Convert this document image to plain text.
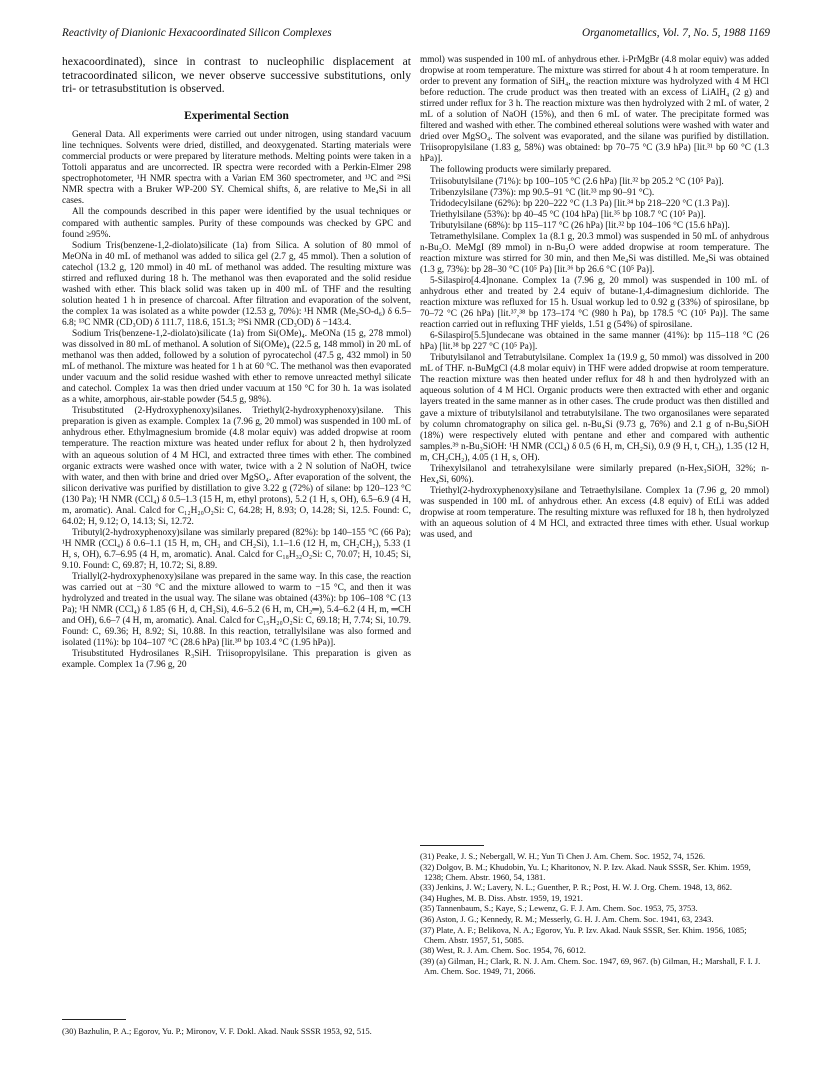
Reactivity of Dianionic Hexacoordinated Silicon Complexes	Organometallics, Vol. 7, No. 5, 1988 1169

hexacoordinated), since in contrast to nucleophilic displacement at tetracoordinated silicon, we never observe successive substitutions, only tri- or tetrasubstitution is observed.

Experimental Section

General Data. All experiments were carried out under nitrogen, using standard vacuum line techniques. Solvents were dried, distilled, and deoxygenated. Starting materials were commercial products or were prepared by literature methods. Melting points were taken in a Tottoli apparatus and are uncorrected. IR spectra were recorded with a Perkin-Elmer 298 spectrophotometer, ¹H NMR spectra with a Varian EM 360 spectrometer, and ¹³C and ²⁹Si NMR spectra with a Bruker WP-200 SY. Chemical shifts, δ, are relative to Me₄Si in all cases.

All the compounds described in this paper were identified by the usual techniques or compared with authentic samples. Purity of these compounds was checked by GPC and found ≥95%.

Sodium Tris(benzene-1,2-diolato)silicate (1a) from Silica. A solution of 80 mmol of MeONa in 40 mL of methanol was added to silica gel (2.7 g, 45 mmol). Then a solution of catechol (13.2 g, 120 mmol) in 40 mL of methanol was added. The resulting mixture was stirred and refluxed during 18 h. The methanol was then evaporated and the solid residue washed with ether. This black solid was taken up in 400 mL of THF and the resulting solution heated 1 h in presence of charcoal. After filtration and evaporation of the solvent, the complex 1a was isolated as a white powder (12.53 g, 70%): ¹H NMR (Me₂SO-d₆) δ 6.5–6.8; ¹³C NMR (CD₃OD) δ 111.7, 118.6, 151.3; ²⁹Si NMR (CD₃OD) δ −143.4.

Sodium Tris(benzene-1,2-diolato)silicate (1a) from Si(OMe)₄. MeONa (15 g, 278 mmol) was dissolved in 80 mL of methanol. A solution of Si(OMe)₄ (22.5 g, 148 mmol) in 20 mL of methanol was then added, followed by a solution of pyrocatechol (47.5 g, 432 mmol) in 50 mL of methanol. The mixture was heated for 1 h at 60 °C. The methanol was then evaporated under vacuum and the solid residue washed with ether to remove unreacted methyl silicate and catechol. Complex 1a was then dried under vacuum at 150 °C for 30 h. 1a was isolated as a white, amorphous, air-stable powder (54.5 g, 98%).

Trisubstituted (2-Hydroxyphenoxy)silanes. Triethyl(2-hydroxyphenoxy)silane. This preparation is given as example. Complex 1a (7.96 g, 20 mmol) was suspended in 100 mL of anhydrous ether. Ethylmagnesium bromide (4.8 molar equiv) was added dropwise at room temperature. The reaction mixture was heated under reflux for about 2 h, then hydrolyzed with an aqueous solution of 4 M HCl, and extracted three times with ether. The combined organic extracts were washed once with water, twice with a 2 N solution of NaOH, twice with water, and then with brine and dried over MgSO₄. After evaporation of the solvent, the silicon derivative was purified by distillation to give 3.22 g (72%) of silane: bp 120–123 °C (130 Pa); ¹H NMR (CCl₄) δ 0.5–1.3 (15 H, m, ethyl protons), 5.2 (1 H, s, OH), 6.5–6.9 (4 H, m, aromatic). Anal. Calcd for C₁₂H₂₀O₂Si: C, 64.28; H, 8.93; O, 14.28; Si, 12.5. Found: C, 64.02; H, 9.12; O, 14.13; Si, 12.72.

Tributyl(2-hydroxyphenoxy)silane was similarly prepared (82%): bp 140–155 °C (66 Pa); ¹H NMR (CCl₄) δ 0.6–1.1 (15 H, m, CH₃ and CH₂Si), 1.1–1.6 (12 H, m, CH₂CH₂), 5.33 (1 H, s, OH), 6.7–6.95 (4 H, m, aromatic). Anal. Calcd for C₁₈H₃₂O₂Si: C, 70.07; H, 10.45; Si, 9.10. Found: C, 69.87; H, 10.72; Si, 8.89.

Triallyl(2-hydroxyphenoxy)silane was prepared in the same way. In this case, the reaction was carried out at −30 °C and the mixture allowed to warm to −15 °C, and then it was hydrolyzed and treated in the usual way. The silane was obtained (43%): bp 106–108 °C (13 Pa); ¹H NMR (CCl₄) δ 1.85 (6 H, d, CH₂Si), 4.6–5.2 (6 H, m, CH₂═), 5.4–6.2 (4 H, m, ═CH and OH), 6.6–7 (4 H, m, aromatic). Anal. Calcd for C₁₅H₂₀O₂Si: C, 69.18; H, 7.74; Si, 10.79. Found: C, 69.36; H, 8.92; Si, 10.88. In this reaction, tetrallylsilane was also formed and isolated (11%): bp 104–107 °C (28.6 hPa) [lit.³⁰ bp 103.4 °C (1.95 hPa)].

Trisubstituted Hydrosilanes R₃SiH. Triisopropylsilane. This preparation is given as example. Complex 1a (7.96 g, 20

(30) Bazhulin, P. A.; Egorov, Yu. P.; Mironov, V. F. Dokl. Akad. Nauk SSSR 1953, 92, 515.

mmol) was suspended in 100 mL of anhydrous ether. i-PrMgBr (4.8 molar equiv) was added dropwise at room temperature. The mixture was stirred for about 4 h at room temperature. In order to prevent any formation of SiH₄, the reaction mixture was hydrolyzed with 4 M HCl before reduction. The crude product was then treated with an excess of LiAlH₄ (2 g) and stirred under reflux for 3 h. The reaction mixture was then hydrolyzed with 2 mL of water, 2 mL of a solution of NaOH (15%), and then 6 mL of water. The precipitate formed was filtered and washed with ether. The combined ethereal solutions were washed with water and dried over MgSO₄. The solvent was evaporated, and the silane was purified by distillation. Triisopropylsilane (1.83 g, 58%) was obtained: bp 70–75 °C (3.9 hPa) [lit.³¹ bp 60 °C (1.3 hPa)].

The following products were similarly prepared.

Triisobutylsilane (71%): bp 100–105 °C (2.6 hPa) [lit.³² bp 205.2 °C (10⁵ Pa)].

Tribenzylsilane (73%): mp 90.5–91 °C (lit.³³ mp 90–91 °C).

Tridodecylsilane (62%): bp 220–222 °C (1.3 Pa) [lit.³⁴ bp 218–220 °C (1.3 Pa)].

Triethylsilane (53%): bp 40–45 °C (104 hPa) [lit.³⁵ bp 108.7 °C (10⁵ Pa)].

Tributylsilane (68%): bp 115–117 °C (26 hPa) [lit.³² bp 104–106 °C (15.6 hPa)].

Tetramethylsilane. Complex 1a (8.1 g, 20.3 mmol) was suspended in 50 mL of anhydrous n-Bu₂O. MeMgI (89 mmol) in n-Bu₂O were added dropwise at room temperature. The reaction mixture was stirred for 30 min, and then Me₄Si was distilled. Me₄Si was obtained (1.3 g, 73%): bp 28–30 °C (10⁵ Pa) [lit.³⁶ bp 26.6 °C (10⁵ Pa)].

5-Silaspiro[4.4]nonane. Complex 1a (7.96 g, 20 mmol) was suspended in 100 mL of anhydrous ether and treated by 2.4 equiv of butane-1,4-dimagnesium dichloride. The reaction mixture was refluxed for 15 h. Usual workup led to 0.92 g (33%) of spirosilane, bp 70–72 °C (26 hPa) [lit.³⁷,³⁸ bp 173–174 °C (980 h Pa), bp 178.5 °C (10⁵ Pa)]. The same reaction carried out in refluxing THF yields, 1.51 g (54%) of spirosilane.

6-Silaspiro[5.5]undecane was obtained in the same manner (41%): bp 115–118 °C (26 hPa) [lit.³⁸ bp 227 °C (10⁵ Pa)].

Tributylsilanol and Tetrabutylsilane. Complex 1a (19.9 g, 50 mmol) was dissolved in 200 mL of THF. n-BuMgCl (4.8 molar equiv) in THF were added dropwise at room temperature. The reaction mixture was then heated under reflux for 48 h and then hydrolyzed with an aqueous solution of 4 M HCl. Organic products were then extracted with ether and organic layers treated in the same manner as in other cases. The crude product was then distilled and gave a mixture of tributylsilanol and tetrabutylsilane. The two organosilanes were separated by column chromatography on silica gel. n-Bu₄Si (9.73 g, 76%) and 2.1 g of n-Bu₃SiOH (18%) were respectively eluted with pentane and ether and compared with authentic samples.³⁹ n-Bu₃SiOH: ¹H NMR (CCl₄) δ 0.5 (6 H, m, CH₂Si), 0.9 (9 H, t, CH₃), 1.35 (12 H, m, CH₂CH₂), 4.05 (1 H, s, OH).

Trihexylsilanol and tetrahexylsilane were similarly prepared (n-Hex₃SiOH, 32%; n-Hex₄Si, 60%).

Triethyl(2-hydroxyphenoxy)silane and Tetraethylsilane. Complex 1a (7.96 g, 20 mmol) was suspended in 100 mL of anhydrous ether. An excess (4.8 equiv) of EtLi was added dropwise at room temperature. The resulting mixture was refluxed for 18 h, then hydrolyzed with an aqueous solution of 4 M HCl, and extracted three times with ether. Usual workup was used, and

(31) Peake, J. S.; Nebergall, W. H.; Yun Ti Chen J. Am. Chem. Soc. 1952, 74, 1526.
(32) Dolgov, B. M.; Khudobin, Yu. I.; Kharitonov, N. P. Izv. Akad. Nauk SSSR, Ser. Khim. 1959, 1238; Chem. Abstr. 1960, 54, 1381.
(33) Jenkins, J. W.; Lavery, N. L.; Guenther, P. R.; Post, H. W. J. Org. Chem. 1948, 13, 862.
(34) Hughes, M. B. Diss. Abstr. 1959, 19, 1921.
(35) Tannenbaum, S.; Kaye, S.; Lewenz, G. F. J. Am. Chem. Soc. 1953, 75, 3753.
(36) Aston, J. G.; Kennedy, R. M.; Messerly, G. H. J. Am. Chem. Soc. 1941, 63, 2343.
(37) Plate, A. F.; Belikova, N. A.; Egorov, Yu. P. Izv. Akad. Nauk SSSR, Ser. Khim. 1956, 1085; Chem. Abstr. 1957, 51, 5085.
(38) West, R. J. Am. Chem. Soc. 1954, 76, 6012.
(39) (a) Gilman, H.; Clark, R. N. J. Am. Chem. Soc. 1947, 69, 967. (b) Gilman, H.; Marshall, F. I. J. Am. Chem. Soc. 1949, 71, 2066.
